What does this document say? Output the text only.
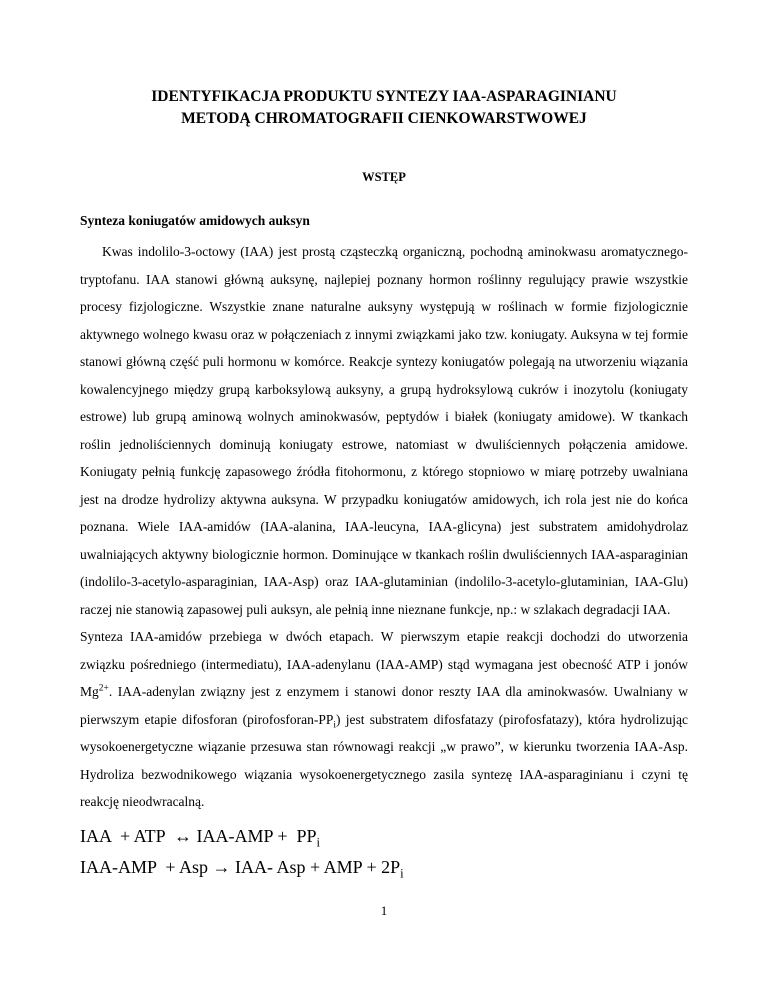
IDENTYFIKACJA PRODUKTU SYNTEZY IAA-ASPARAGINIANU
METODĄ CHROMATOGRAFII CIENKOWARSTWOWEJ
WSTĘP
Synteza koniugatów amidowych auksyn

Kwas indolilo-3-octowy (IAA) jest prostą cząsteczką organiczną, pochodną aminokwasu aromatycznego- tryptofanu. IAA stanowi główną auksynę, najlepiej poznany hormon roślinny regulujący prawie wszystkie procesy fizjologiczne. Wszystkie znane naturalne auksyny występują w roślinach w formie fizjologicznie aktywnego wolnego kwasu oraz w połączeniach z innymi związkami jako tzw. koniugaty. Auksyna w tej formie stanowi główną część puli hormonu w komórce. Reakcje syntezy koniugatów polegają na utworzeniu wiązania kowalencyjnego między grupą karboksylową auksyny, a grupą hydroksylową cukrów i inozytolu (koniugaty estrowe) lub grupą aminową wolnych aminokwasów, peptydów i białek (koniugaty amidowe). W tkankach roślin jednoliściennych dominują koniugaty estrowe, natomiast w dwuliściennych połączenia amidowe. Koniugaty pełnią funkcję zapasowego źródła fitohormonu, z którego stopniowo w miarę potrzeby uwalniana jest na drodze hydrolizy aktywna auksyna. W przypadku koniugatów amidowych, ich rola jest nie do końca poznana. Wiele IAA-amidów (IAA-alanina, IAA-leucyna, IAA-glicyna) jest substratem amidohydrolaz uwalniających aktywny biologicznie hormon. Dominujące w tkankach roślin dwuliściennych IAA-asparaginian (indolilo-3-acetylo-asparaginian, IAA-Asp) oraz IAA-glutaminian (indolilo-3-acetylo-glutaminian, IAA-Glu) raczej nie stanowią zapasowej puli auksyn, ale pełnią inne nieznane funkcje, np.: w szlakach degradacji IAA.

Synteza IAA-amidów przebiega w dwóch etapach. W pierwszym etapie reakcji dochodzi do utworzenia związku pośredniego (intermediatu), IAA-adenylanu (IAA-AMP) stąd wymagana jest obecność ATP i jonów $Mg^{2+}$. IAA-adenylan związny jest z enzymem i stanowi donor reszty IAA dla aminokwasów. Uwalniany w pierwszym etapie difosforan $(pirofosforan-PP_i)$ jest substratem difosfatazy (pirofosfatazy), która hydrolizując wysokoenergetyczne wiązanie przesuwa stan równowagi reakcji „w prawo”, w kierunku tworzenia IAA-Asp. Hydroliza bezwodnikowego wiązania wysokoenergetycznego zasila syntezę IAA-asparaginianu i czyni tę reakcję nieodwracalną.

IAA  + ATP  ↔ $IAA-AMP + PP_i$
IAA-AMP  + Asp → IAA- Asp + AMP + $2P_i$
1
